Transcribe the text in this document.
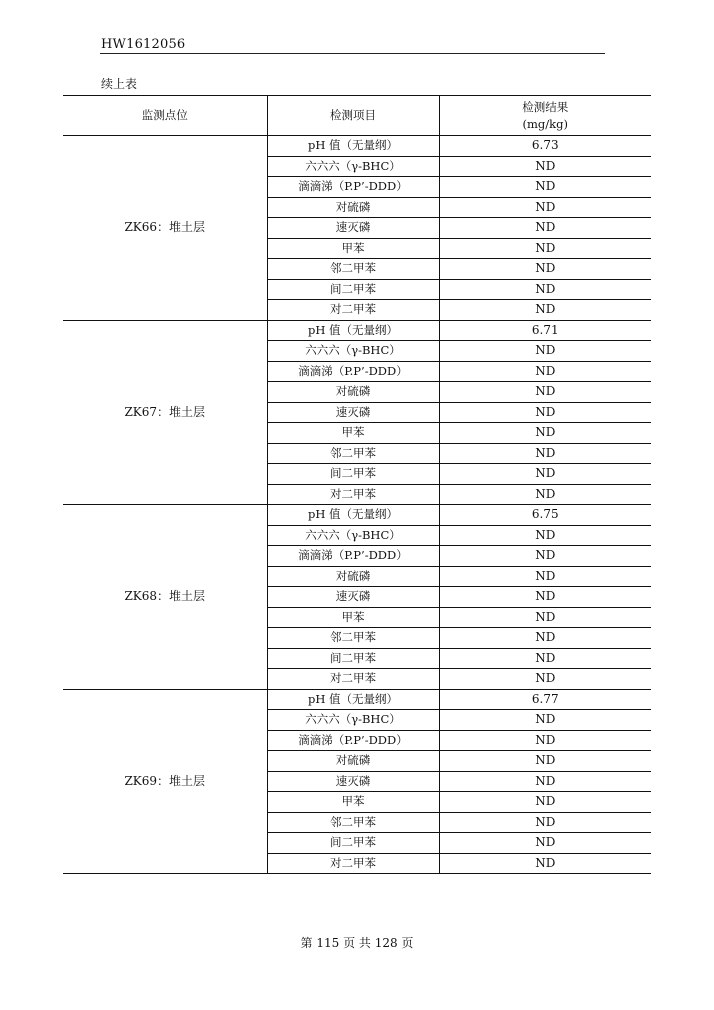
HW1612056
续上表
监测点位	检测项目	检测结果
(mg/kg)

ZK66：堆土层	pH 值（无量纲）	6.73
	六六六（γ-BHC）	ND
	滴滴涕（P.P’-DDD）	ND
	对硫磷	ND
	速灭磷	ND
	甲苯	ND
	邻二甲苯	ND
	间二甲苯	ND
	对二甲苯	ND
ZK67：堆土层	pH 值（无量纲）	6.71
	六六六（γ-BHC）	ND
	滴滴涕（P.P’-DDD）	ND
	对硫磷	ND
	速灭磷	ND
	甲苯	ND
	邻二甲苯	ND
	间二甲苯	ND
	对二甲苯	ND
ZK68：堆土层	pH 值（无量纲）	6.75
	六六六（γ-BHC）	ND
	滴滴涕（P.P’-DDD）	ND
	对硫磷	ND
	速灭磷	ND
	甲苯	ND
	邻二甲苯	ND
	间二甲苯	ND
	对二甲苯	ND
ZK69：堆土层	pH 值（无量纲）	6.77
	六六六（γ-BHC）	ND
	滴滴涕（P.P’-DDD）	ND
	对硫磷	ND
	速灭磷	ND
	甲苯	ND
	邻二甲苯	ND
	间二甲苯	ND
	对二甲苯	ND
第 115 页 共 128 页
